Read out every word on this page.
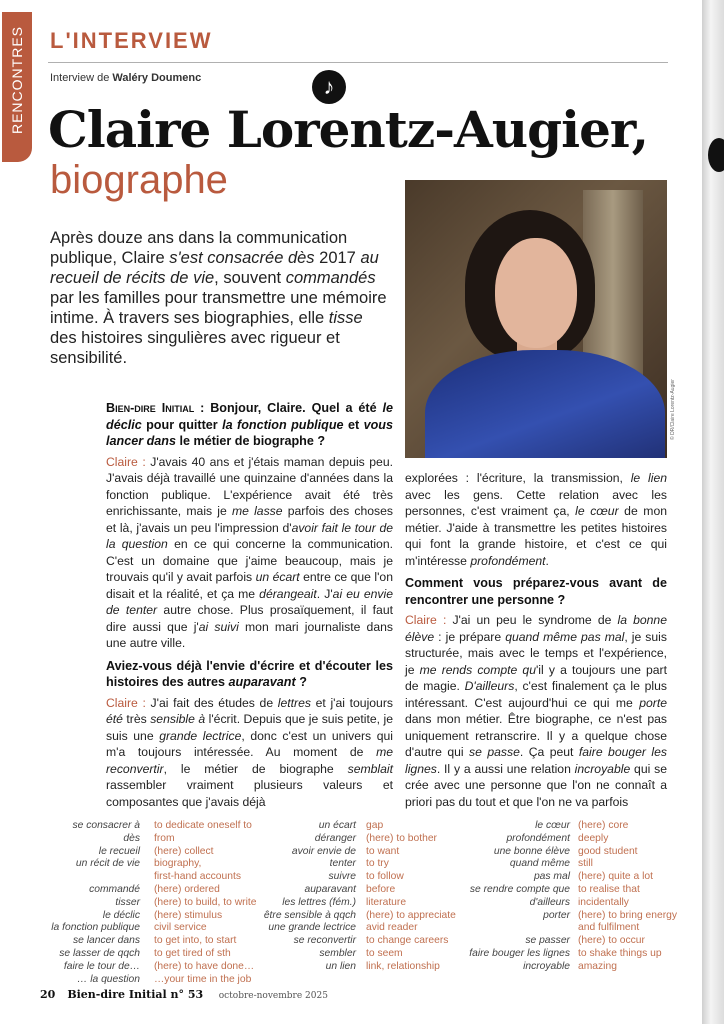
RENCONTRES L'INTERVIEW
Interview de Waléry Doumenc	♪
Claire Lorentz-Augier,
biographe
Après douze ans dans la communication publique, Claire s'est consacrée dès 2017 au recueil de récits de vie, souvent commandés par les familles pour transmettre une mémoire intime. À travers ses biographies, elle tisse des histoires singulières avec rigueur et sensibilité.
© DR/Claire Lorentz-Augier

Bien-dire Initial : Bonjour, Claire. Quel a été le déclic pour quitter la fonction publique et vous lancer dans le métier de biographe ?

Claire : J'avais 40 ans et j'étais maman depuis peu. J'avais déjà travaillé une quinzaine d'années dans la fonction publique. L'expérience avait été très enrichissante, mais je me lasse parfois des choses et là, j'avais un peu l'impression d'avoir fait le tour de la question en ce qui concerne la communication. C'est un domaine que j'aime beaucoup, mais je trouvais qu'il y avait parfois un écart entre ce que l'on disait et la réalité, et ça me dérangeait. J'ai eu envie de tenter autre chose. Plus prosaïquement, il faut dire aussi que j'ai suivi mon mari journaliste dans une autre ville.

Aviez-vous déjà l'envie d'écrire et d'écouter les histoires des autres auparavant ?

Claire : J'ai fait des études de lettres et j'ai toujours été très sensible à l'écrit. Depuis que je suis petite, je suis une grande lectrice, donc c'est un univers qui m'a toujours intéressée. Au moment de me reconvertir, le métier de biographe semblait rassembler vraiment plusieurs valeurs et composantes que j'avais déjà

explorées : l'écriture, la transmission, le lien avec les gens. Cette relation avec les personnes, c'est vraiment ça, le cœur de mon métier. J'aide à transmettre les petites histoires qui font la grande histoire, et c'est ce qui m'intéresse profondément.

Comment vous préparez-vous avant de rencontrer une personne ?

Claire : J'ai un peu le syndrome de la bonne élève : je prépare quand même pas mal, je suis structurée, mais avec le temps et l'expérience, je me rends compte qu'il y a toujours une part de magie. D'ailleurs, c'est finalement ça le plus intéressant. C'est aujourd'hui ce qui me porte dans mon métier. Être biographe, ce n'est pas uniquement retranscrire. Il y a quelque chose d'autre qui se passe. Ça peut faire bouger les lignes. Il y a aussi une relation incroyable qui se crée avec une personne que l'on ne connaît a priori pas du tout et que l'on ne va parfois

se consacrer à
dès
le recueil
un récit de vie

commandé
tisser
le déclic
la fonction publique
se lancer dans
se lasser de qqch
faire le tour de…
… la question
to dedicate oneself to
from
(here) collect
biography,
first-hand accounts
(here) ordered
(here) to build, to write
(here) stimulus
civil service
to get into, to start
to get tired of sth
(here) to have done…
…your time in the job
un écart
déranger
avoir envie de
tenter
suivre
auparavant
les lettres (fém.)
être sensible à qqch
une grande lectrice
se reconvertir
sembler
un lien
gap
(here) to bother
to want
to try
to follow
before
literature
(here) to appreciate
avid reader
to change careers
to seem
link, relationship
le cœur
profondément
une bonne élève
quand même
pas mal
se rendre compte que
d'ailleurs
porter

se passer
faire bouger les lignes
incroyable
(here) core
deeply
good student
still
(here) quite a lot
to realise that
incidentally
(here) to bring energy
and fulfilment
(here) to occur
to shake things up
amazing
20 Bien-dire Initial n° 53 octobre-novembre 2025
